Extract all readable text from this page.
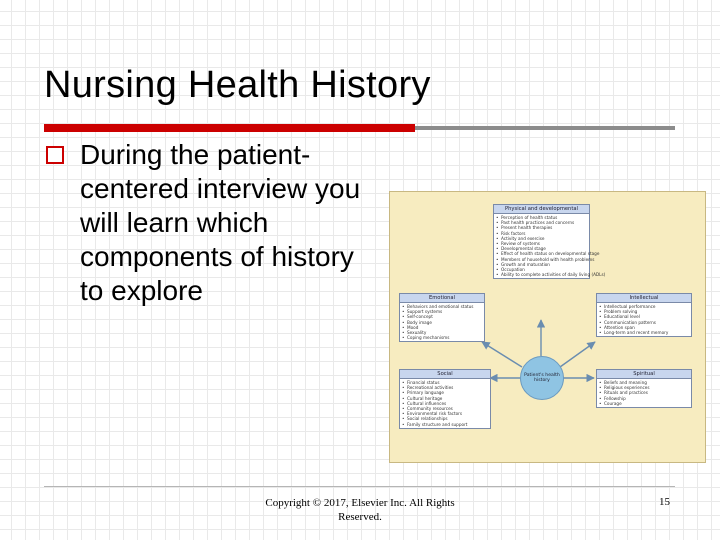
Nursing Health History
During the patient-centered interview you will learn which components of history to explore
Physical and developmental
• Perception of health status
• Past health practices and concerns
• Present health therapies
• Risk factors
• Activity and exercise
• Review of systems
• Developmental stage
• Effect of health status on developmental stage
• Members of household with health problems
• Growth and maturation
• Occupation
• Ability to complete activities of daily living (ADLs)
Emotional
• Behaviors and emotional status
• Support systems
• Self-concept
• Body image
• Mood
• Sexuality
• Coping mechanisms
Intellectual
• Intellectual performance
• Problem solving
• Educational level
• Communication patterns
• Attention span
• Long-term and recent memory
Social
• Financial status
• Recreational activities
• Primary language
• Cultural heritage
• Cultural influences
• Community resources
• Environmental risk factors
• Social relationships
• Family structure and support
Spiritual
• Beliefs and meaning
• Religious experiences
• Rituals and practices
• Fellowship
• Courage
Patient's health history
Copyright © 2017, Elsevier Inc. All Rights Reserved.
15
